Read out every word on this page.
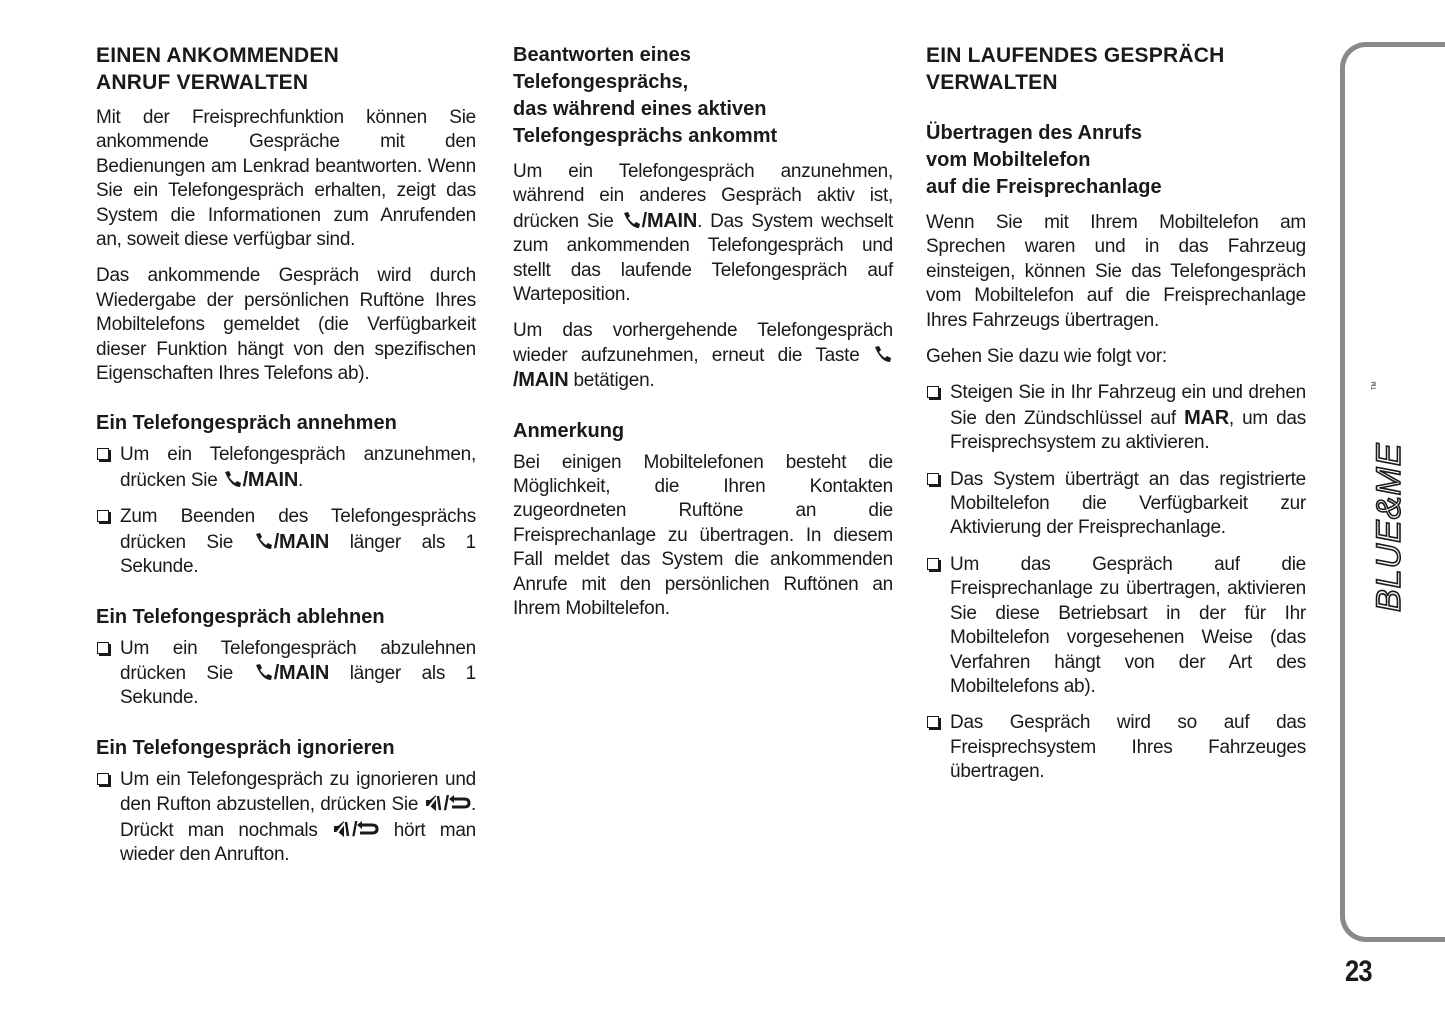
EINEN ANKOMMENDEN
ANRUF VERWALTEN

Mit der Freisprechfunktion können Sie ankommende Gespräche mit den Bedienungen am Lenkrad beantworten. Wenn Sie ein Telefongespräch erhalten, zeigt das System die Informationen zum Anrufenden an, soweit diese verfügbar sind.

Das ankommende Gespräch wird durch Wiedergabe der persönlichen Ruftöne Ihres Mobiltelefons gemeldet (die Verfügbarkeit dieser Funktion hängt von den spezifischen Eigenschaften Ihres Telefons ab).

Ein Telefongespräch annehmen
Um ein Telefongespräch anzunehmen, drücken Sie /MAIN.
Zum Beenden des Telefongesprächs drücken Sie /MAIN länger als 1 Sekunde.
Ein Telefongespräch ablehnen
Um ein Telefongespräch abzulehnen drücken Sie /MAIN länger als 1 Sekunde.
Ein Telefongespräch ignorieren
Um ein Telefongespräch zu ignorieren und den Rufton abzustellen, drücken Sie / . Drückt man nochmals / hört man wieder den Anrufton.
Beantworten eines
Telefongesprächs,
das während eines aktiven
Telefongesprächs ankommt

Um ein Telefongespräch anzunehmen, während ein anderes Gespräch aktiv ist, drücken Sie /MAIN. Das System wechselt zum ankommenden Telefongespräch und stellt das laufende Telefongespräch auf Warteposition.

Um das vorhergehende Telefongespräch wieder aufzunehmen, erneut die Taste /MAIN betätigen.

Anmerkung

Bei einigen Mobiltelefonen besteht die Möglichkeit, die Ihren Kontakten zugeordneten Ruftöne an die Freisprechanlage zu übertragen. In diesem Fall meldet das System die ankommenden Anrufe mit den persönlichen Ruftönen an Ihrem Mobiltelefon.

EIN LAUFENDES GESPRÄCH
VERWALTEN
Übertragen des Anrufs
vom Mobiltelefon
auf die Freisprechanlage

Wenn Sie mit Ihrem Mobiltelefon am Sprechen waren und in das Fahrzeug einsteigen, können Sie das Telefongespräch vom Mobiltelefon auf die Freisprechanlage Ihres Fahrzeugs übertragen.

Gehen Sie dazu wie folgt vor:

Steigen Sie in Ihr Fahrzeug ein und drehen Sie den Zündschlüssel auf MAR, um das Freisprechsystem zu aktivieren.
Das System überträgt an das registrierte Mobiltelefon die Verfügbarkeit zur Aktivierung der Freisprechanlage.
Um das Gespräch auf die Freisprechanlage zu übertragen, aktivieren Sie diese Betriebsart in der für Ihr Mobiltelefon vorgesehenen Weise (das Verfahren hängt von der Art des Mobiltelefons ab).
Das Gespräch wird so auf das Freisprechsystem Ihres Fahrzeuges übertragen.
BLUE&ME
TM
23
